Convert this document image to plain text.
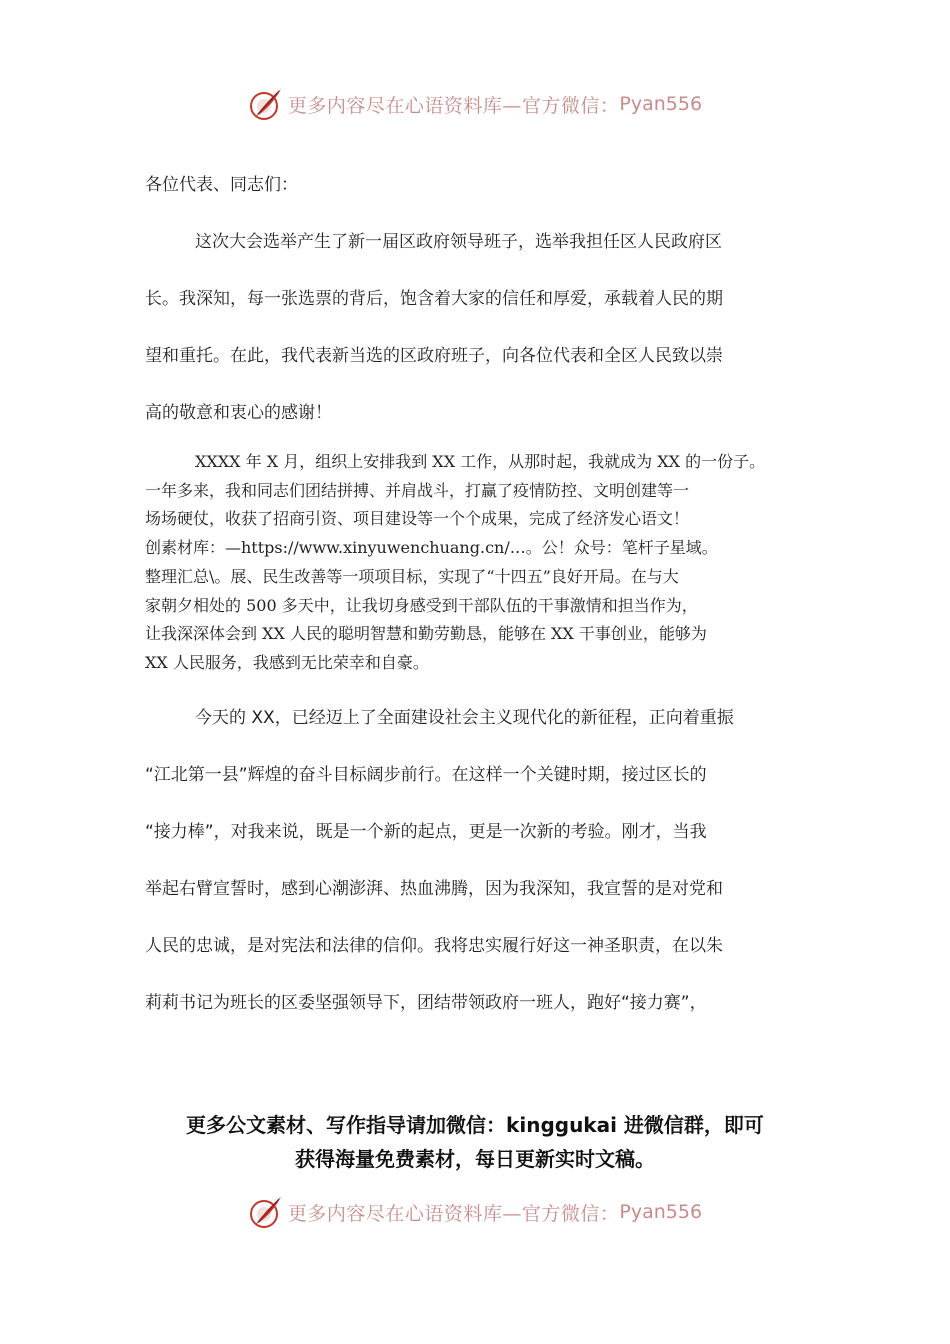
更多内容尽在心语资料库—官方微信： Pyan556

各位代表、同志们：

这次大会选举产生了新一届区政府领导班子，选举我担任区人民政府区
长。我深知，每一张选票的背后，饱含着大家的信任和厚爱，承载着人民的期
望和重托。在此，我代表新当选的区政府班子，向各位代表和全区人民致以崇
高的敬意和衷心的感谢！

XXXX 年 X 月，组织上安排我到 XX 工作，从那时起，我就成为 XX 的一份子。
一年多来，我和同志们团结拼搏、并肩战斗，打赢了疫情防控、文明创建等一
场场硬仗，收获了招商引资、项目建设等一个个成果，完成了经济发心语文！
创素材库：—https://www.xinyuwenchuang.cn/…。公！众号：笔杆子星域。
整理汇总\。展、民生改善等一项项目标，实现了“十四五”良好开局。在与大
家朝夕相处的 500 多天中，让我切身感受到干部队伍的干事激情和担当作为，
让我深深体会到 XX 人民的聪明智慧和勤劳勤恳，能够在 XX 干事创业，能够为
XX 人民服务，我感到无比荣幸和自豪。

今天的 XX，已经迈上了全面建设社会主义现代化的新征程，正向着重振
“江北第一县”辉煌的奋斗目标阔步前行。在这样一个关键时期，接过区长的
“接力棒”，对我来说，既是一个新的起点，更是一次新的考验。刚才，当我
举起右臂宣誓时，感到心潮澎湃、热血沸腾，因为我深知，我宣誓的是对党和
人民的忠诚，是对宪法和法律的信仰。我将忠实履行好这一神圣职责，在以朱
莉莉书记为班长的区委坚强领导下，团结带领政府一班人，跑好“接力赛”，

更多公文素材、写作指导请加微信：kinggukai 进微信群，即可
获得海量免费素材，每日更新实时文稿。
更多内容尽在心语资料库—官方微信： Pyan556
